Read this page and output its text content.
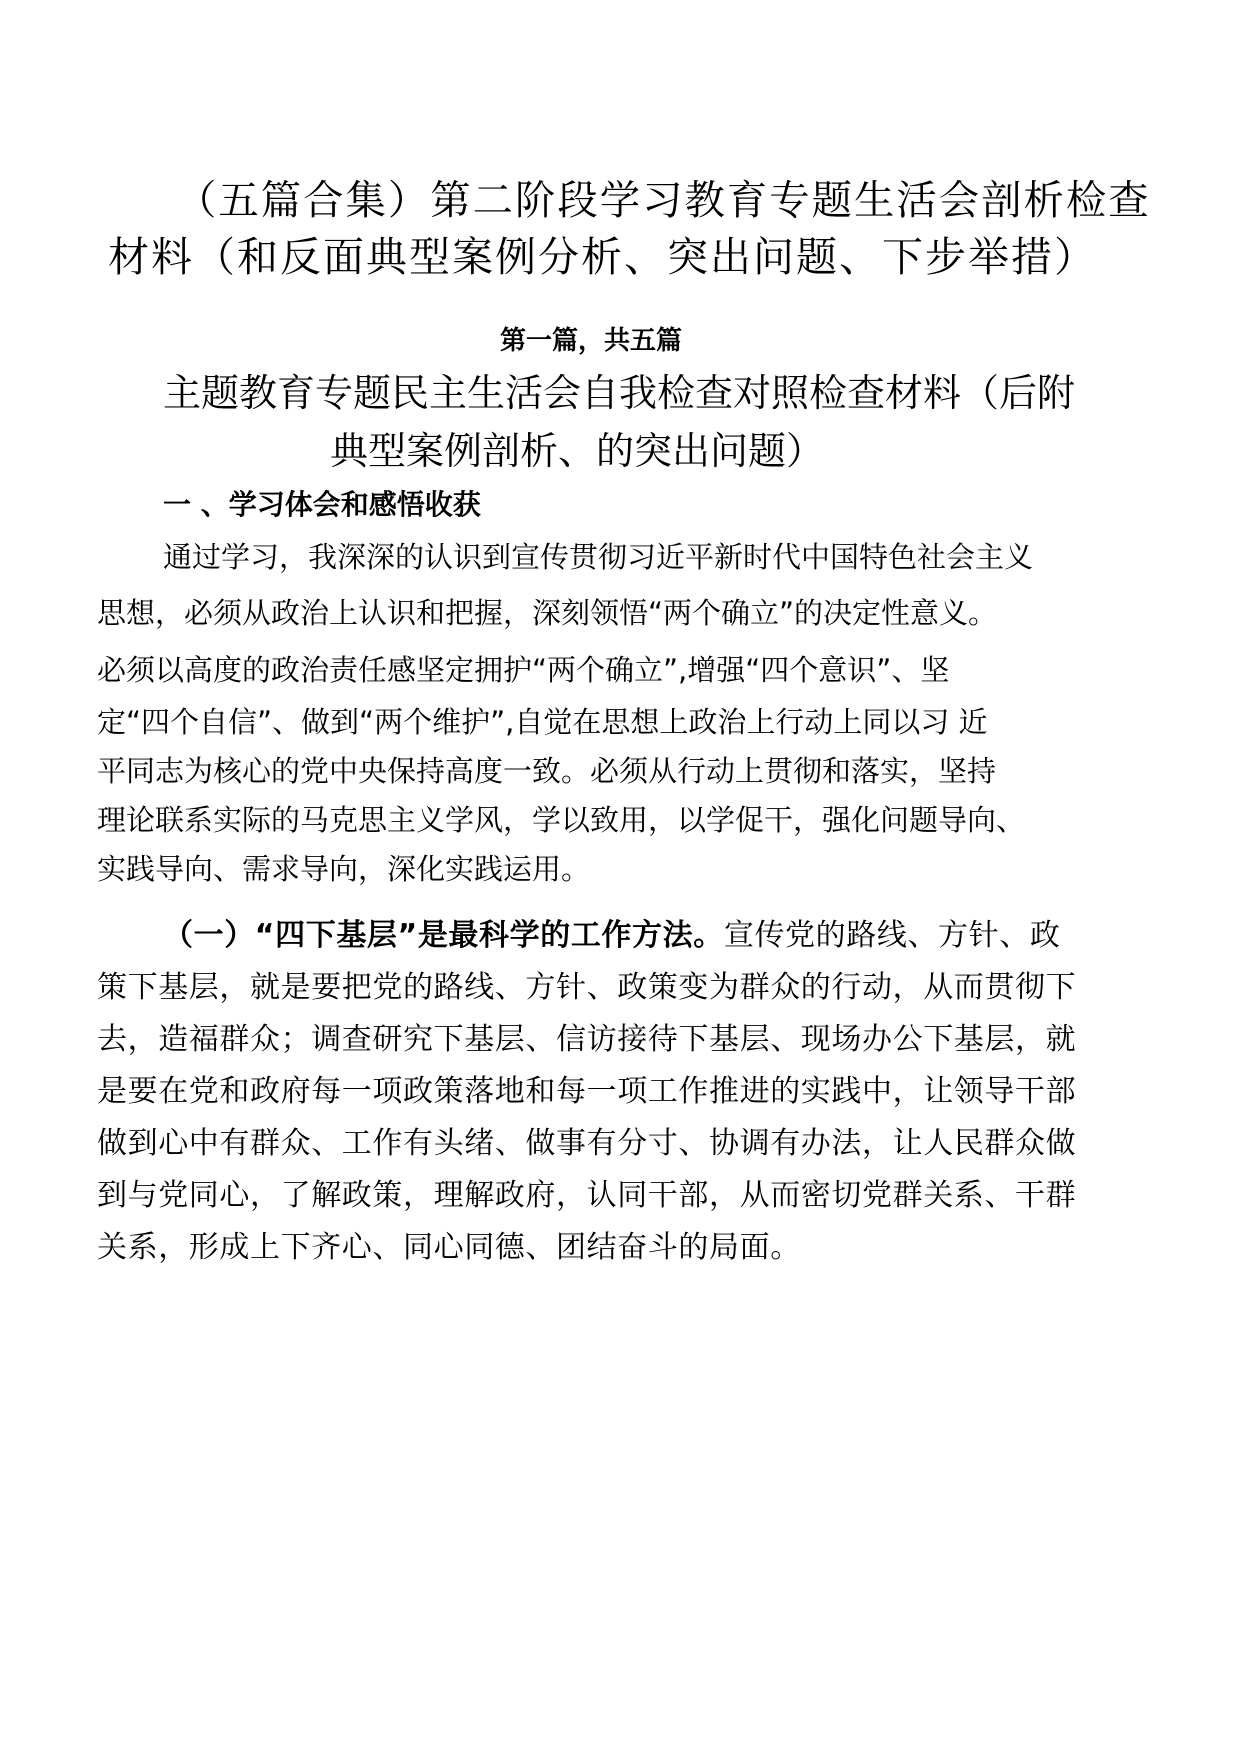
（五篇合集）第二阶段学习教育专题生活会剖析检查

材料（和反面典型案例分析、突出问题、下步举措）

第一篇，共五篇

主题教育专题民主生活会自我检查对照检查材料（后附

典型案例剖析、的突出问题）

一 、学习体会和感悟收获

通过学习，我深深的认识到宣传贯彻习近平新时代中国特色社会主义

思想，必须从政治上认识和把握，深刻领悟“两个确立”的决定性意义。

必须以高度的政治责任感坚定拥护“两个确立”,增强“四个意识”、坚

定“四个自信”、做到“两个维护”,自觉在思想上政治上行动上同以习 近

平同志为核心的党中央保持高度一致。必须从行动上贯彻和落实，坚持

理论联系实际的马克思主义学风，学以致用，以学促干，强化问题导向、

实践导向、需求导向，深化实践运用。

（一）“四下基层”是最科学的工作方法。宣传党的路线、方针、政

策下基层，就是要把党的路线、方针、政策变为群众的行动，从而贯彻下

去，造福群众；调查研究下基层、信访接待下基层、现场办公下基层，就

是要在党和政府每一项政策落地和每一项工作推进的实践中，让领导干部

做到心中有群众、工作有头绪、做事有分寸、协调有办法，让人民群众做

到与党同心，了解政策，理解政府，认同干部，从而密切党群关系、干群

关系，形成上下齐心、同心同德、团结奋斗的局面。
